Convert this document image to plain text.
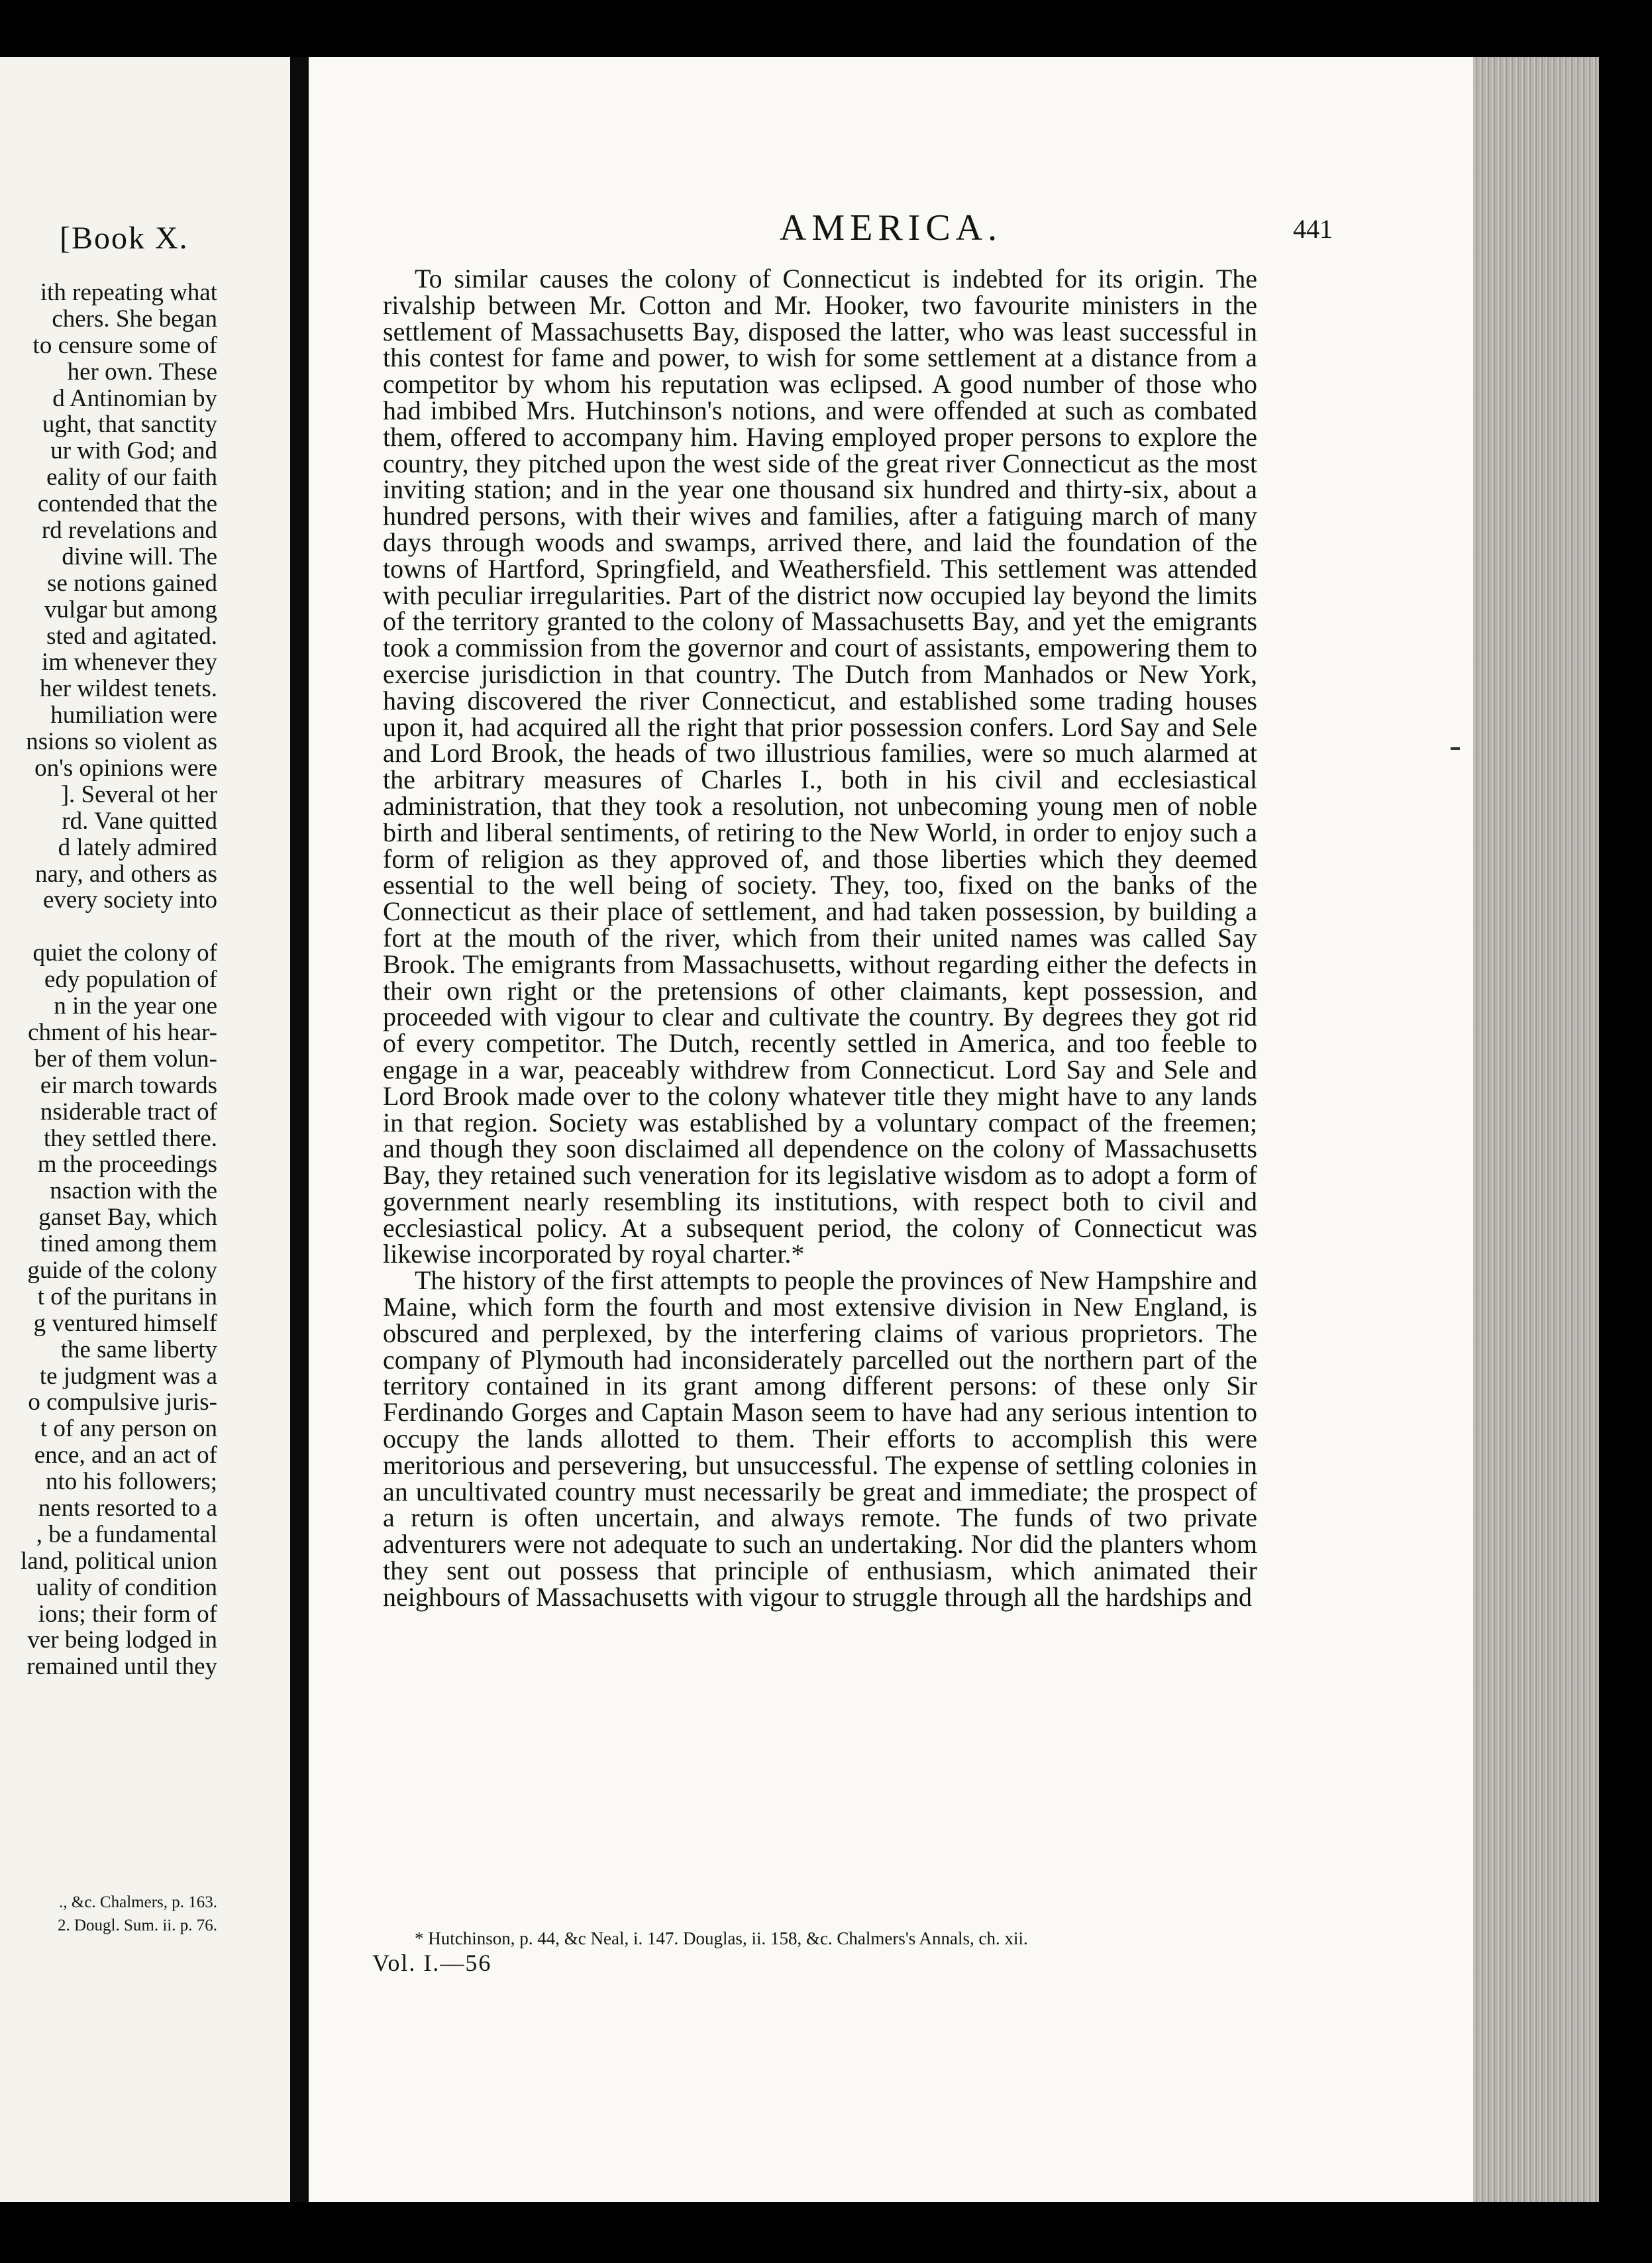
[Book X.
ith repeating what
chers. She began
to censure some of
her own. These
d Antinomian by
ught, that sanctity
ur with God; and
eality of our faith
contended that the
rd revelations and
divine will. The
se notions gained
vulgar but among
sted and agitated.
im whenever they
her wildest tenets.
humiliation were
nsions so violent as
on's opinions were
]. Several ot her
rd. Vane quitted
d lately admired
nary, and others as
every society into
quiet the colony of
edy population of
n in the year one
chment of his hear-
ber of them volun-
eir march towards
nsiderable tract of
they settled there.
m the proceedings
nsaction with the
ganset Bay, which
tined among them
guide of the colony
t of the puritans in
g ventured himself
the same liberty
te judgment was a
o compulsive juris-
t of any person on
ence, and an act of
nto his followers;
nents resorted to a
, be a fundamental
land, political union
uality of condition
ions; their form of
ver being lodged in
remained until they
., &c. Chalmers, p. 163.
2. Dougl. Sum. ii. p. 76.
AMERICA.	441

To similar causes the colony of Connecticut is indebted for its origin. The rivalship between Mr. Cotton and Mr. Hooker, two favourite ministers in the settlement of Massachusetts Bay, disposed the latter, who was least successful in this contest for fame and power, to wish for some settlement at a distance from a competitor by whom his reputation was eclipsed. A good number of those who had imbibed Mrs. Hutchinson's notions, and were offended at such as combated them, offered to accompany him. Having employed proper persons to explore the country, they pitched upon the west side of the great river Connecticut as the most inviting station; and in the year one thousand six hundred and thirty-six, about a hundred persons, with their wives and families, after a fatiguing march of many days through woods and swamps, arrived there, and laid the foundation of the towns of Hartford, Springfield, and Weathersfield. This settlement was attended with peculiar irregularities. Part of the district now occupied lay beyond the limits of the territory granted to the colony of Massachusetts Bay, and yet the emigrants took a commission from the governor and court of assistants, empowering them to exercise jurisdiction in that country. The Dutch from Manhados or New York, having discovered the river Connecticut, and established some trading houses upon it, had acquired all the right that prior possession confers. Lord Say and Sele and Lord Brook, the heads of two illustrious families, were so much alarmed at the arbitrary measures of Charles I., both in his civil and ecclesiastical administration, that they took a resolution, not unbecoming young men of noble birth and liberal sentiments, of retiring to the New World, in order to enjoy such a form of religion as they approved of, and those liberties which they deemed essential to the well being of society. They, too, fixed on the banks of the Connecticut as their place of settlement, and had taken possession, by building a fort at the mouth of the river, which from their united names was called Say Brook. The emigrants from Massachusetts, without regarding either the defects in their own right or the pretensions of other claimants, kept possession, and proceeded with vigour to clear and cultivate the country. By degrees they got rid of every competitor. The Dutch, recently settled in America, and too feeble to engage in a war, peaceably withdrew from Connecticut. Lord Say and Sele and Lord Brook made over to the colony whatever title they might have to any lands in that region. Society was established by a voluntary compact of the freemen; and though they soon disclaimed all dependence on the colony of Massachusetts Bay, they retained such veneration for its legislative wisdom as to adopt a form of government nearly resembling its institutions, with respect both to civil and ecclesiastical policy. At a subsequent period, the colony of Connecticut was likewise incorporated by royal charter.*

The history of the first attempts to people the provinces of New Hampshire and Maine, which form the fourth and most extensive division in New England, is obscured and perplexed, by the interfering claims of various proprietors. The company of Plymouth had inconsiderately parcelled out the northern part of the territory contained in its grant among different persons: of these only Sir Ferdinando Gorges and Captain Mason seem to have had any serious intention to occupy the lands allotted to them. Their efforts to accomplish this were meritorious and persevering, but unsuccessful. The expense of settling colonies in an uncultivated country must necessarily be great and immediate; the prospect of a return is often uncertain, and always remote. The funds of two private adventurers were not adequate to such an undertaking. Nor did the planters whom they sent out possess that principle of enthusiasm, which animated their neighbours of Massachusetts with vigour to struggle through all the hardships and

* Hutchinson, p. 44, &c Neal, i. 147. Douglas, ii. 158, &c. Chalmers's Annals, ch. xii.
Vol. I.—56
